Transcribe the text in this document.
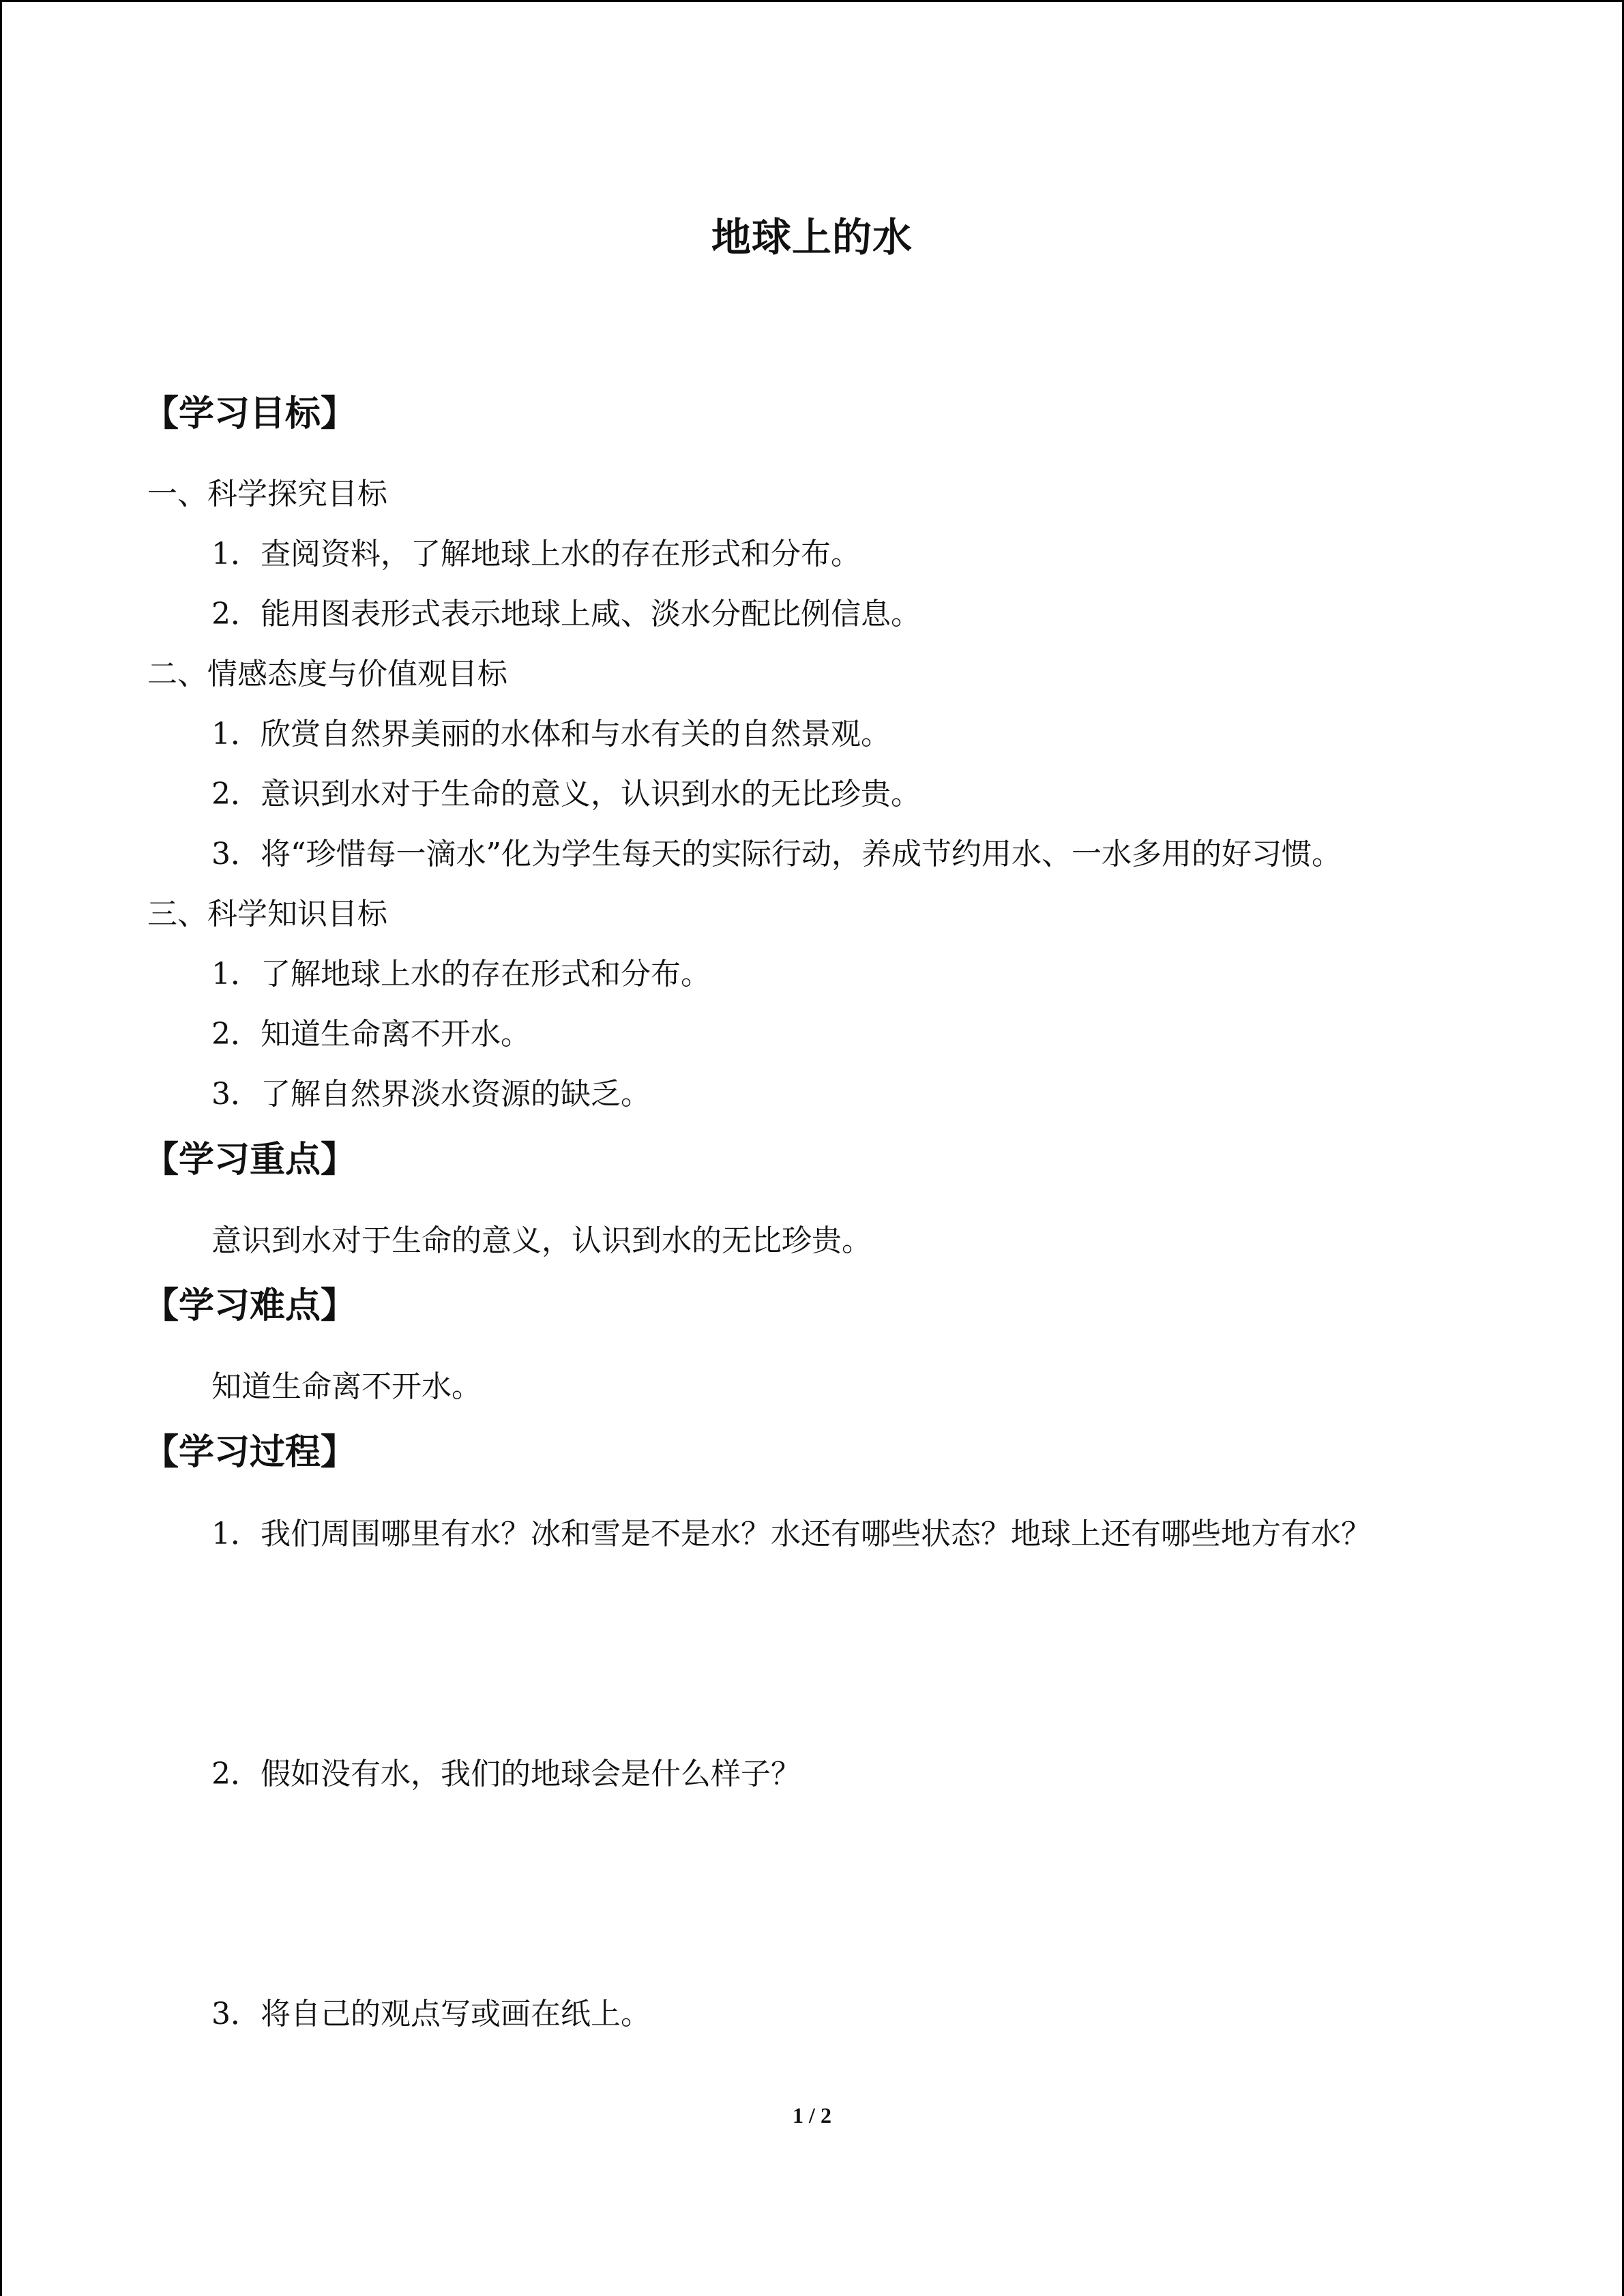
地球上的水
【学习目标】
一、科学探究目标
1．查阅资料，了解地球上水的存在形式和分布。
2．能用图表形式表示地球上咸、淡水分配比例信息。
二、情感态度与价值观目标
1．欣赏自然界美丽的水体和与水有关的自然景观。
2．意识到水对于生命的意义，认识到水的无比珍贵。
3．将“珍惜每一滴水”化为学生每天的实际行动，养成节约用水、一水多用的好习惯。
三、科学知识目标
1．了解地球上水的存在形式和分布。
2．知道生命离不开水。
3．了解自然界淡水资源的缺乏。
【学习重点】
意识到水对于生命的意义，认识到水的无比珍贵。
【学习难点】
知道生命离不开水。
【学习过程】
1．我们周围哪里有水？冰和雪是不是水？水还有哪些状态？地球上还有哪些地方有水？
2．假如没有水，我们的地球会是什么样子？
3．将自己的观点写或画在纸上。
1 / 2
